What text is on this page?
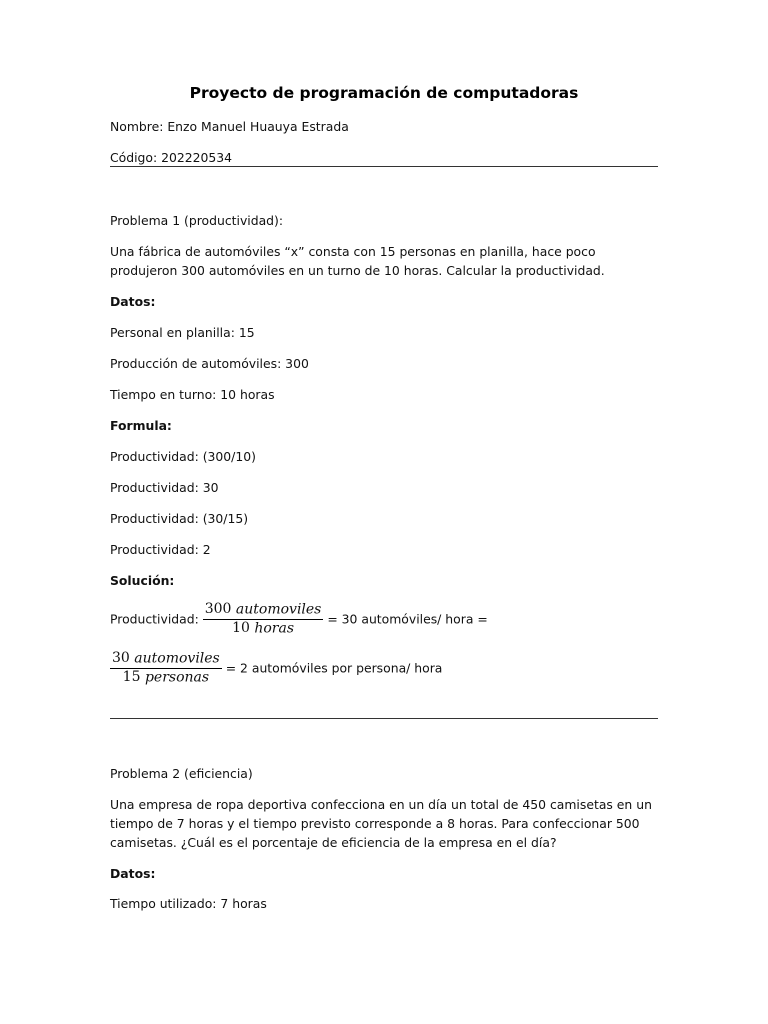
Proyecto de programación de computadoras
Nombre: Enzo Manuel Huauya Estrada
Código: 202220534
Problema 1 (productividad):
Una fábrica de automóviles “x” consta con 15 personas en planilla, hace poco produjeron 300 automóviles en un turno de 10 horas. Calcular la productividad.
Datos:
Personal en planilla: 15
Producción de automóviles: 300
Tiempo en turno: 10 horas
Formula:
Productividad: (300/10)
Productividad: 30
Productividad: (30/15)
Productividad: 2
Solución:
Productividad: $\frac{\text{300 automoviles}}{\text{10 horas}} = 30$ automóviles/ hora =
$\frac{\text{30 automoviles}}{\text{15 personas}} = 2$ automóviles por persona/ hora
Problema 2 (eficiencia)
Una empresa de ropa deportiva confecciona en un día un total de 450 camisetas en un tiempo de 7 horas y el tiempo previsto corresponde a 8 horas. Para confeccionar 500 camisetas. ¿Cuál es el porcentaje de eficiencia de la empresa en el día?
Datos:
Tiempo utilizado: 7 horas
